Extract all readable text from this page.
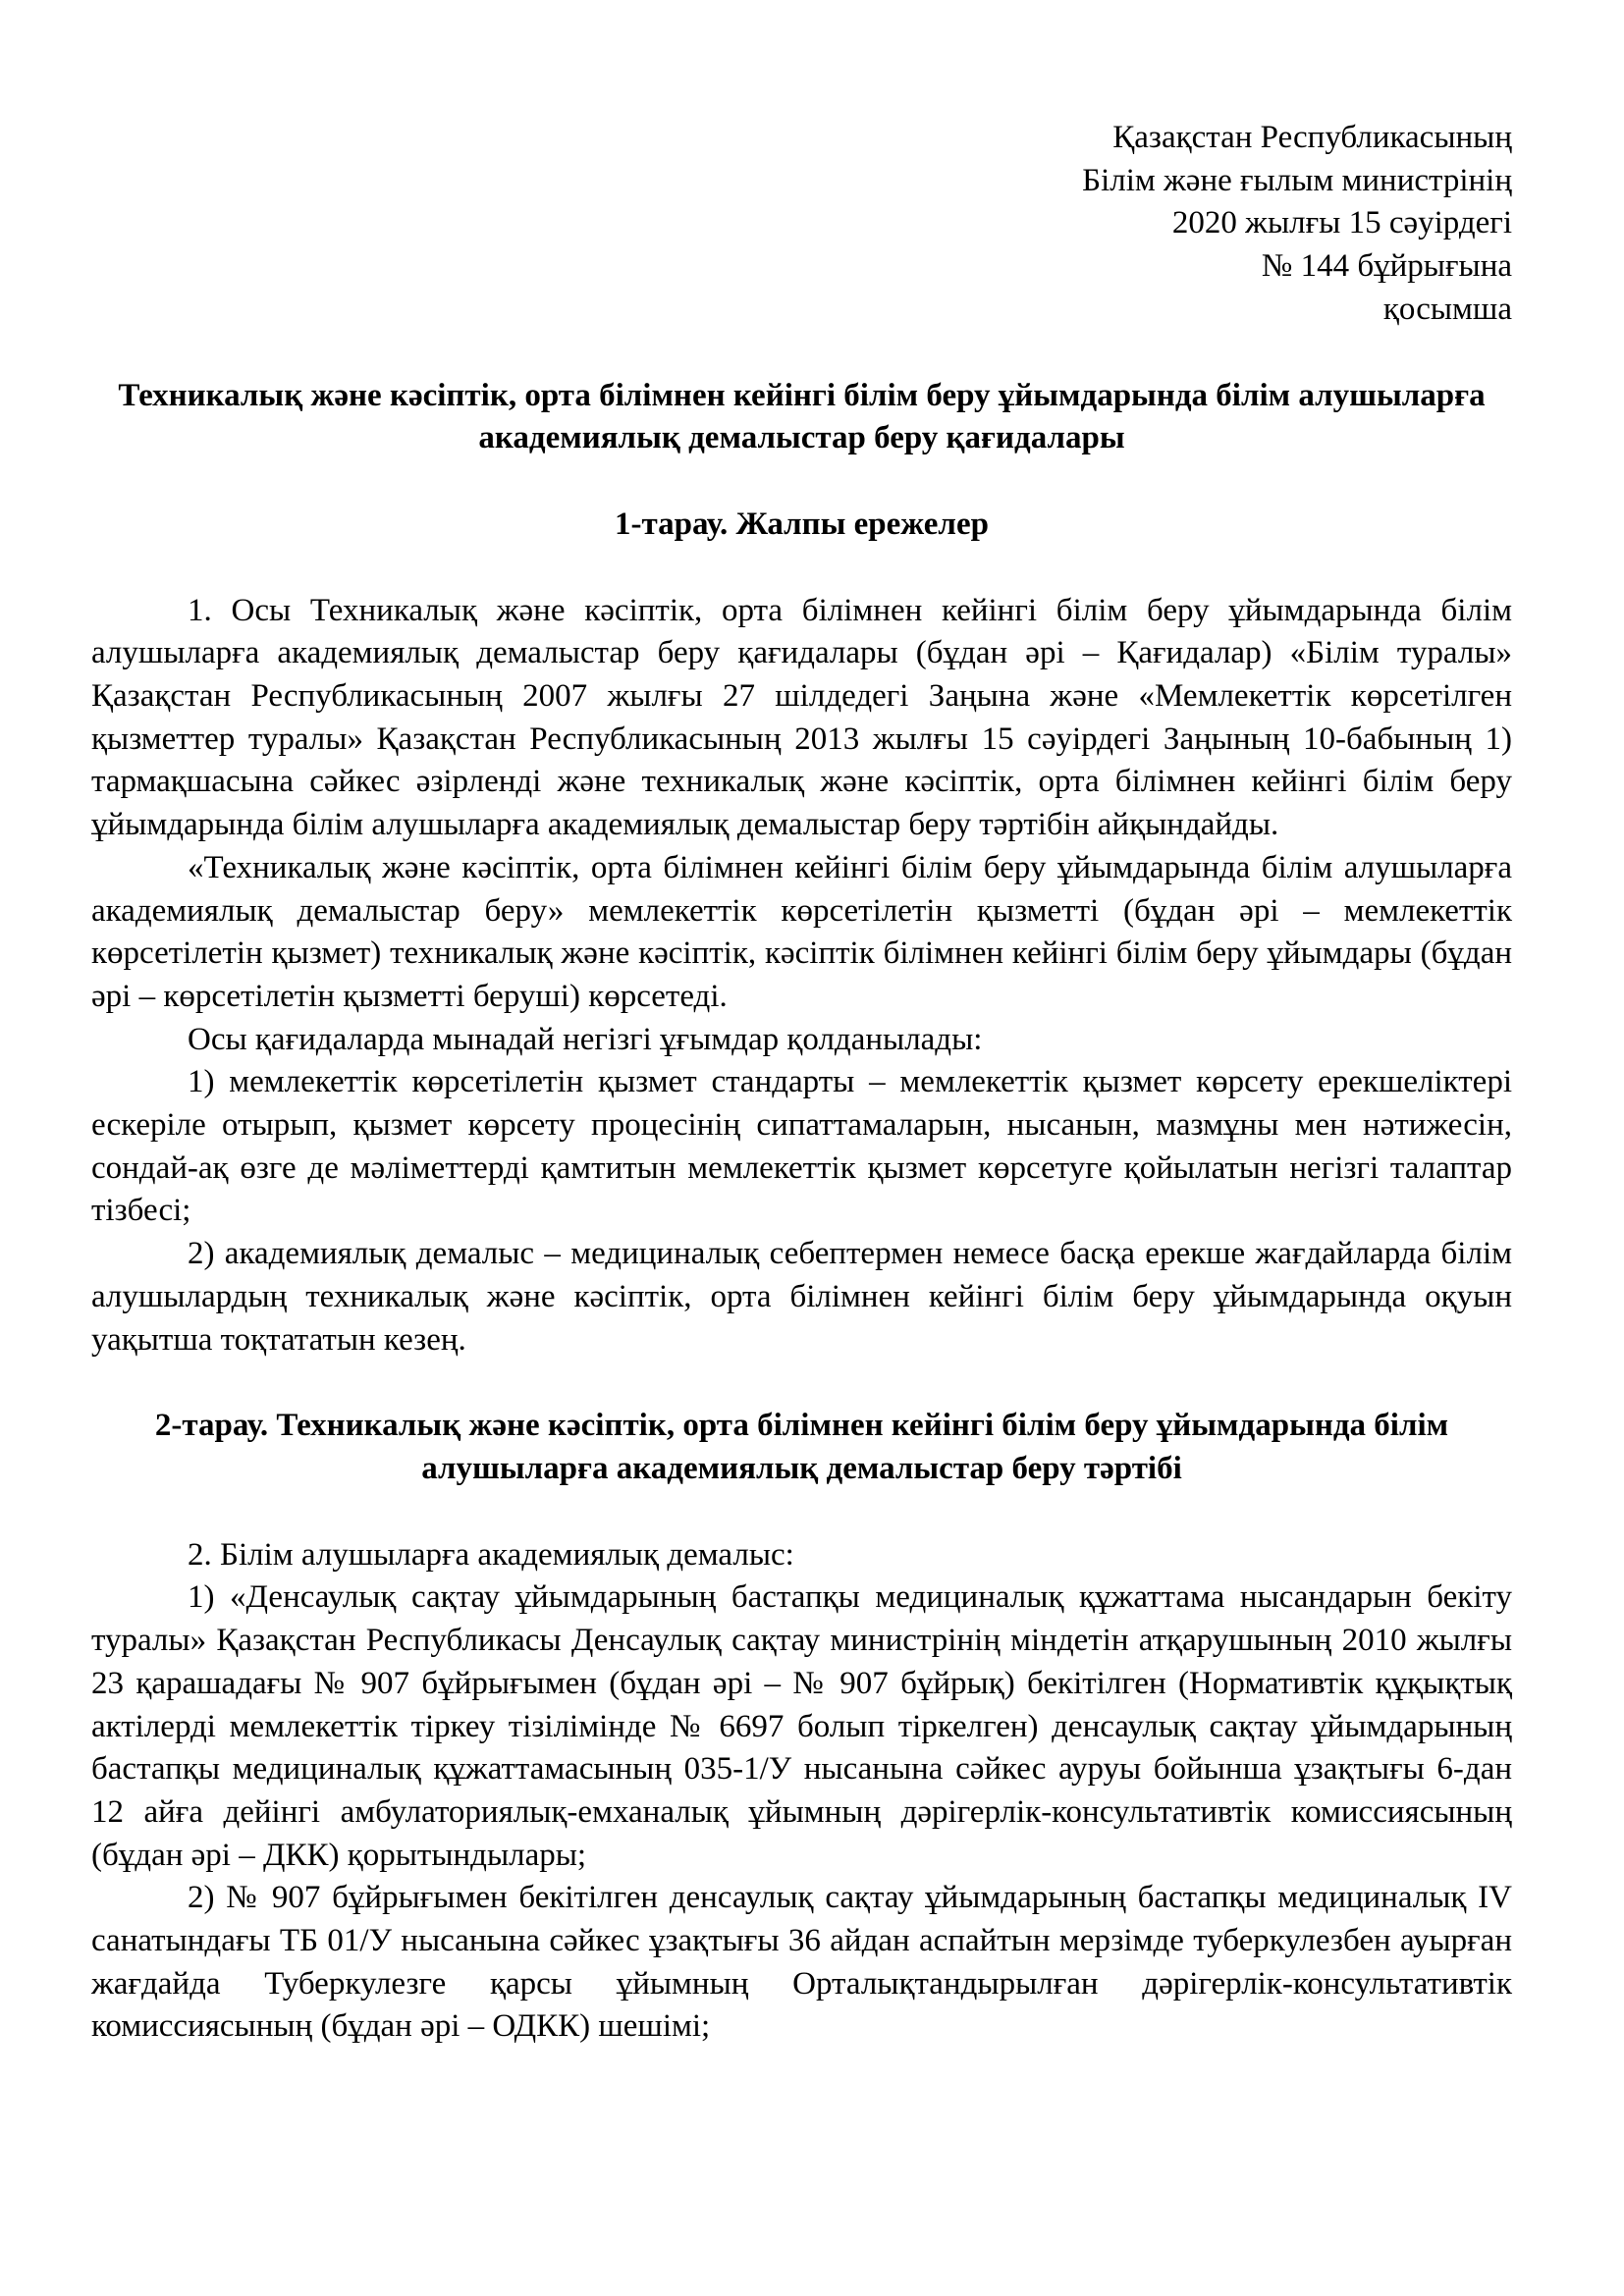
Қазақстан Республикасының
Білім және ғылым министрінің
2020 жылғы 15 сәуірдегі
№ 144 бұйрығына
қосымша
Техникалық және кәсіптік, орта білімнен кейінгі білім беру ұйымдарында білім алушыларға академиялық демалыстар беру қағидалары
1-тарау. Жалпы ережелер

1. Осы Техникалық және кәсіптік, орта білімнен кейінгі білім беру ұйымдарында білім алушыларға академиялық демалыстар беру қағидалары (бұдан әрі – Қағидалар) «Білім туралы» Қазақстан Республикасының 2007 жылғы 27 шілдедегі Заңына және «Мемлекеттік көрсетілген қызметтер туралы» Қазақстан Республикасының 2013 жылғы 15 сәуірдегі Заңының 10-бабының 1) тармақшасына сәйкес әзірленді және техникалық және кәсіптік, орта білімнен кейінгі білім беру ұйымдарында білім алушыларға академиялық демалыстар беру тәртібін айқындайды.

«Техникалық және кәсіптік, орта білімнен кейінгі білім беру ұйымдарында білім алушыларға академиялық демалыстар беру» мемлекеттік көрсетілетін қызметті (бұдан әрі – мемлекеттік көрсетілетін қызмет) техникалық және кәсіптік, кәсіптік білімнен кейінгі білім беру ұйымдары (бұдан әрі – көрсетілетін қызметті беруші) көрсетеді.

Осы қағидаларда мынадай негізгі ұғымдар қолданылады:

1) мемлекеттік көрсетілетін қызмет стандарты – мемлекеттік қызмет көрсету ерекшеліктері ескеріле отырып, қызмет көрсету процесінің сипаттамаларын, нысанын, мазмұны мен нәтижесін, сондай-ақ өзге де мәліметтерді қамтитын мемлекеттік қызмет көрсетуге қойылатын негізгі талаптар тізбесі;

2) академиялық демалыс – медициналық себептермен немесе басқа ерекше жағдайларда білім алушылардың техникалық және кәсіптік, орта білімнен кейінгі білім беру ұйымдарында оқуын уақытша тоқтататын кезең.

2-тарау. Техникалық және кәсіптік, орта білімнен кейінгі білім беру ұйымдарында білім алушыларға академиялық демалыстар беру тәртібі

2. Білім алушыларға академиялық демалыс:

1) «Денсаулық сақтау ұйымдарының бастапқы медициналық құжаттама нысандарын бекіту туралы» Қазақстан Республикасы Денсаулық сақтау министрінің міндетін атқарушының 2010 жылғы 23 қарашадағы № 907 бұйрығымен (бұдан әрі – № 907 бұйрық) бекітілген (Нормативтік құқықтық актілерді мемлекеттік тіркеу тізілімінде № 6697 болып тіркелген) денсаулық сақтау ұйымдарының бастапқы медициналық құжаттамасының 035-1/У нысанына сәйкес ауруы бойынша ұзақтығы 6-дан 12 айға дейінгі амбулаториялық-емханалық ұйымның дәрігерлік-консультативтік комиссиясының (бұдан әрі – ДКК) қорытындылары;

2) № 907 бұйрығымен бекітілген денсаулық сақтау ұйымдарының бастапқы медициналық IV санатындағы ТБ 01/У нысанына сәйкес ұзақтығы 36 айдан аспайтын мерзімде туберкулезбен ауырған жағдайда Туберкулезге қарсы ұйымның Орталықтандырылған дәрігерлік-консультативтік комиссиясының (бұдан әрі – ОДКК) шешімі;
